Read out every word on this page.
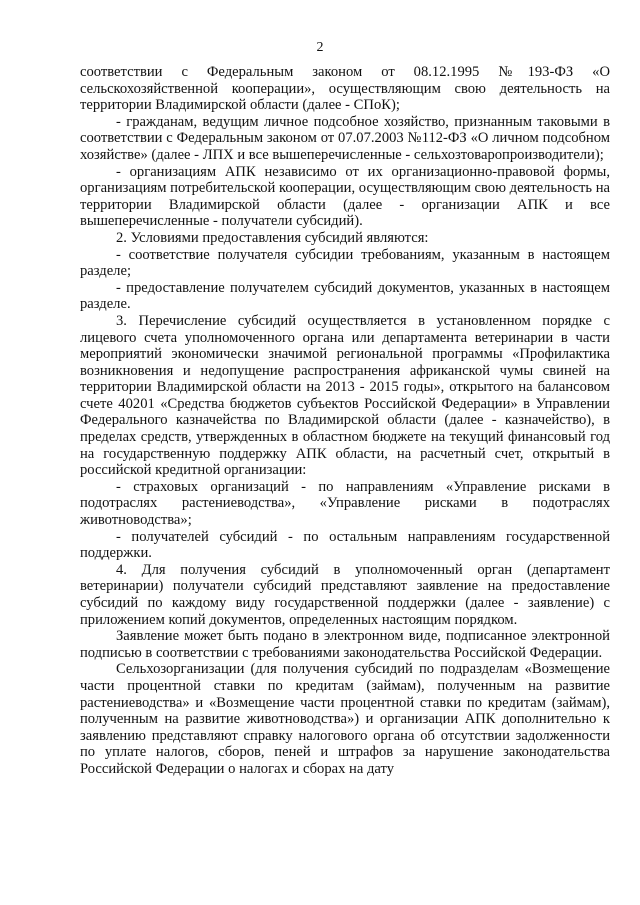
2

соответствии с Федеральным законом от 08.12.1995 №193-ФЗ «О сельскохозяйственной кооперации», осуществляющим свою деятельность на территории Владимирской области (далее - СПоК);

- гражданам, ведущим личное подсобное хозяйство, признанным таковыми в соответствии с Федеральным законом от 07.07.2003 №112-ФЗ «О личном подсобном хозяйстве» (далее - ЛПХ и все вышеперечисленные - сельхозтоваропроизводители);

- организациям АПК независимо от их организационно-правовой формы, организациям потребительской кооперации, осуществляющим свою деятельность на территории Владимирской области (далее - организации АПК и все вышеперечисленные - получатели субсидий).

2. Условиями предоставления субсидий являются:

- соответствие получателя субсидии требованиям, указанным в настоящем разделе;

- предоставление получателем субсидий документов, указанных в настоящем разделе.

3. Перечисление субсидий осуществляется в установленном порядке с лицевого счета уполномоченного органа или департамента ветеринарии в части мероприятий экономически значимой региональной программы «Профилактика возникновения и недопущение распространения африканской чумы свиней на территории Владимирской области на 2013 - 2015 годы», открытого на балансовом счете 40201 «Средства бюджетов субъектов Российской Федерации» в Управлении Федерального казначейства по Владимирской области (далее - казначейство), в пределах средств, утвержденных в областном бюджете на текущий финансовый год на государственную поддержку АПК области, на расчетный счет, открытый в российской кредитной организации:

- страховых организаций - по направлениям «Управление рисками в подотраслях растениеводства», «Управление рисками в подотраслях животноводства»;

- получателей субсидий - по остальным направлениям государственной поддержки.

4. Для получения субсидий в уполномоченный орган (департамент ветеринарии) получатели субсидий представляют заявление на предоставление субсидий по каждому виду государственной поддержки (далее - заявление) с приложением копий документов, определенных настоящим порядком.

Заявление может быть подано в электронном виде, подписанное электронной подписью в соответствии с требованиями законодательства Российской Федерации.

Сельхозорганизации (для получения субсидий по подразделам «Возмещение части процентной ставки по кредитам (займам), полученным на развитие растениеводства» и «Возмещение части процентной ставки по кредитам (займам), полученным на развитие животноводства») и организации АПК дополнительно к заявлению представляют справку налогового органа об отсутствии задолженности по уплате налогов, сборов, пеней и штрафов за нарушение законодательства Российской Федерации о налогах и сборах на дату
